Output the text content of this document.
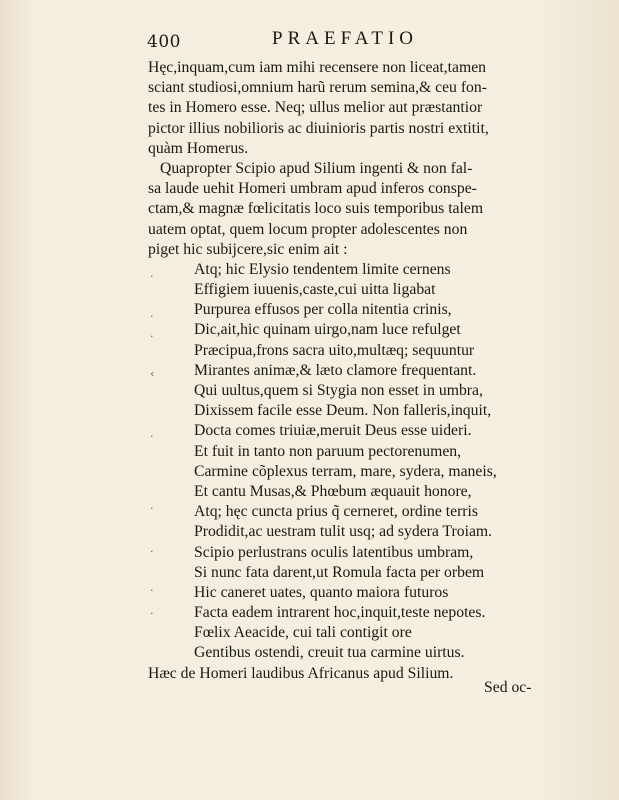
400	PRAEFATIO
·
·
·
‹
·
·
·
·
·
Hęc,inquam,cum iam mihi recensere non liceat,tamen
sciant studiosi,omnium harũ rerum semina,& ceu fon-
tes in Homero esse. Neq; ullus melior aut præstantior
pictor illius nobilioris ac diuinioris partis nostri extitit,
quàm Homerus.
Quapropter Scipio apud Silium ingenti & non fal-
sa laude uehit Homeri umbram apud inferos conspe-
ctam,& magnæ fœlicitatis loco suis temporibus talem
uatem optat, quem locum propter adolescentes non
piget hic subijcere,sic enim ait :
Atq; hic Elysio tendentem limite cernens
Effigiem iuuenis,caste,cui uitta ligabat
Purpurea effusos per colla nitentia crinis,
Dic,ait,hic quinam uirgo,nam luce refulget
Præcipua,frons sacra uito,multæq; sequuntur
Mirantes animæ,& læto clamore frequentant.
Qui uultus,quem si Stygia non esset in umbra,
Dixissem facile esse Deum. Non falleris,inquit,
Docta comes triuiæ,meruit Deus esse uideri.
Et fuit in tanto non paruum pectorenumen,
Carmine cõplexus terram, mare, sydera, maneis,
Et cantu Musas,& Phœbum æquauit honore,
Atq; hęc cuncta prius q̃ cerneret, ordine terris
Prodidit,ac uestram tulit usq; ad sydera Troiam.
Scipio perlustrans oculis latentibus umbram,
Si nunc fata darent,ut Romula facta per orbem
Hic caneret uates, quanto maiora futuros
Facta eadem intrarent hoc,inquit,teste nepotes.
Fœlix Aeacide, cui tali contigit ore
Gentibus ostendi, creuit tua carmine uirtus.
Hæc de Homeri laudibus Africanus apud Silium.
Sed oc-
